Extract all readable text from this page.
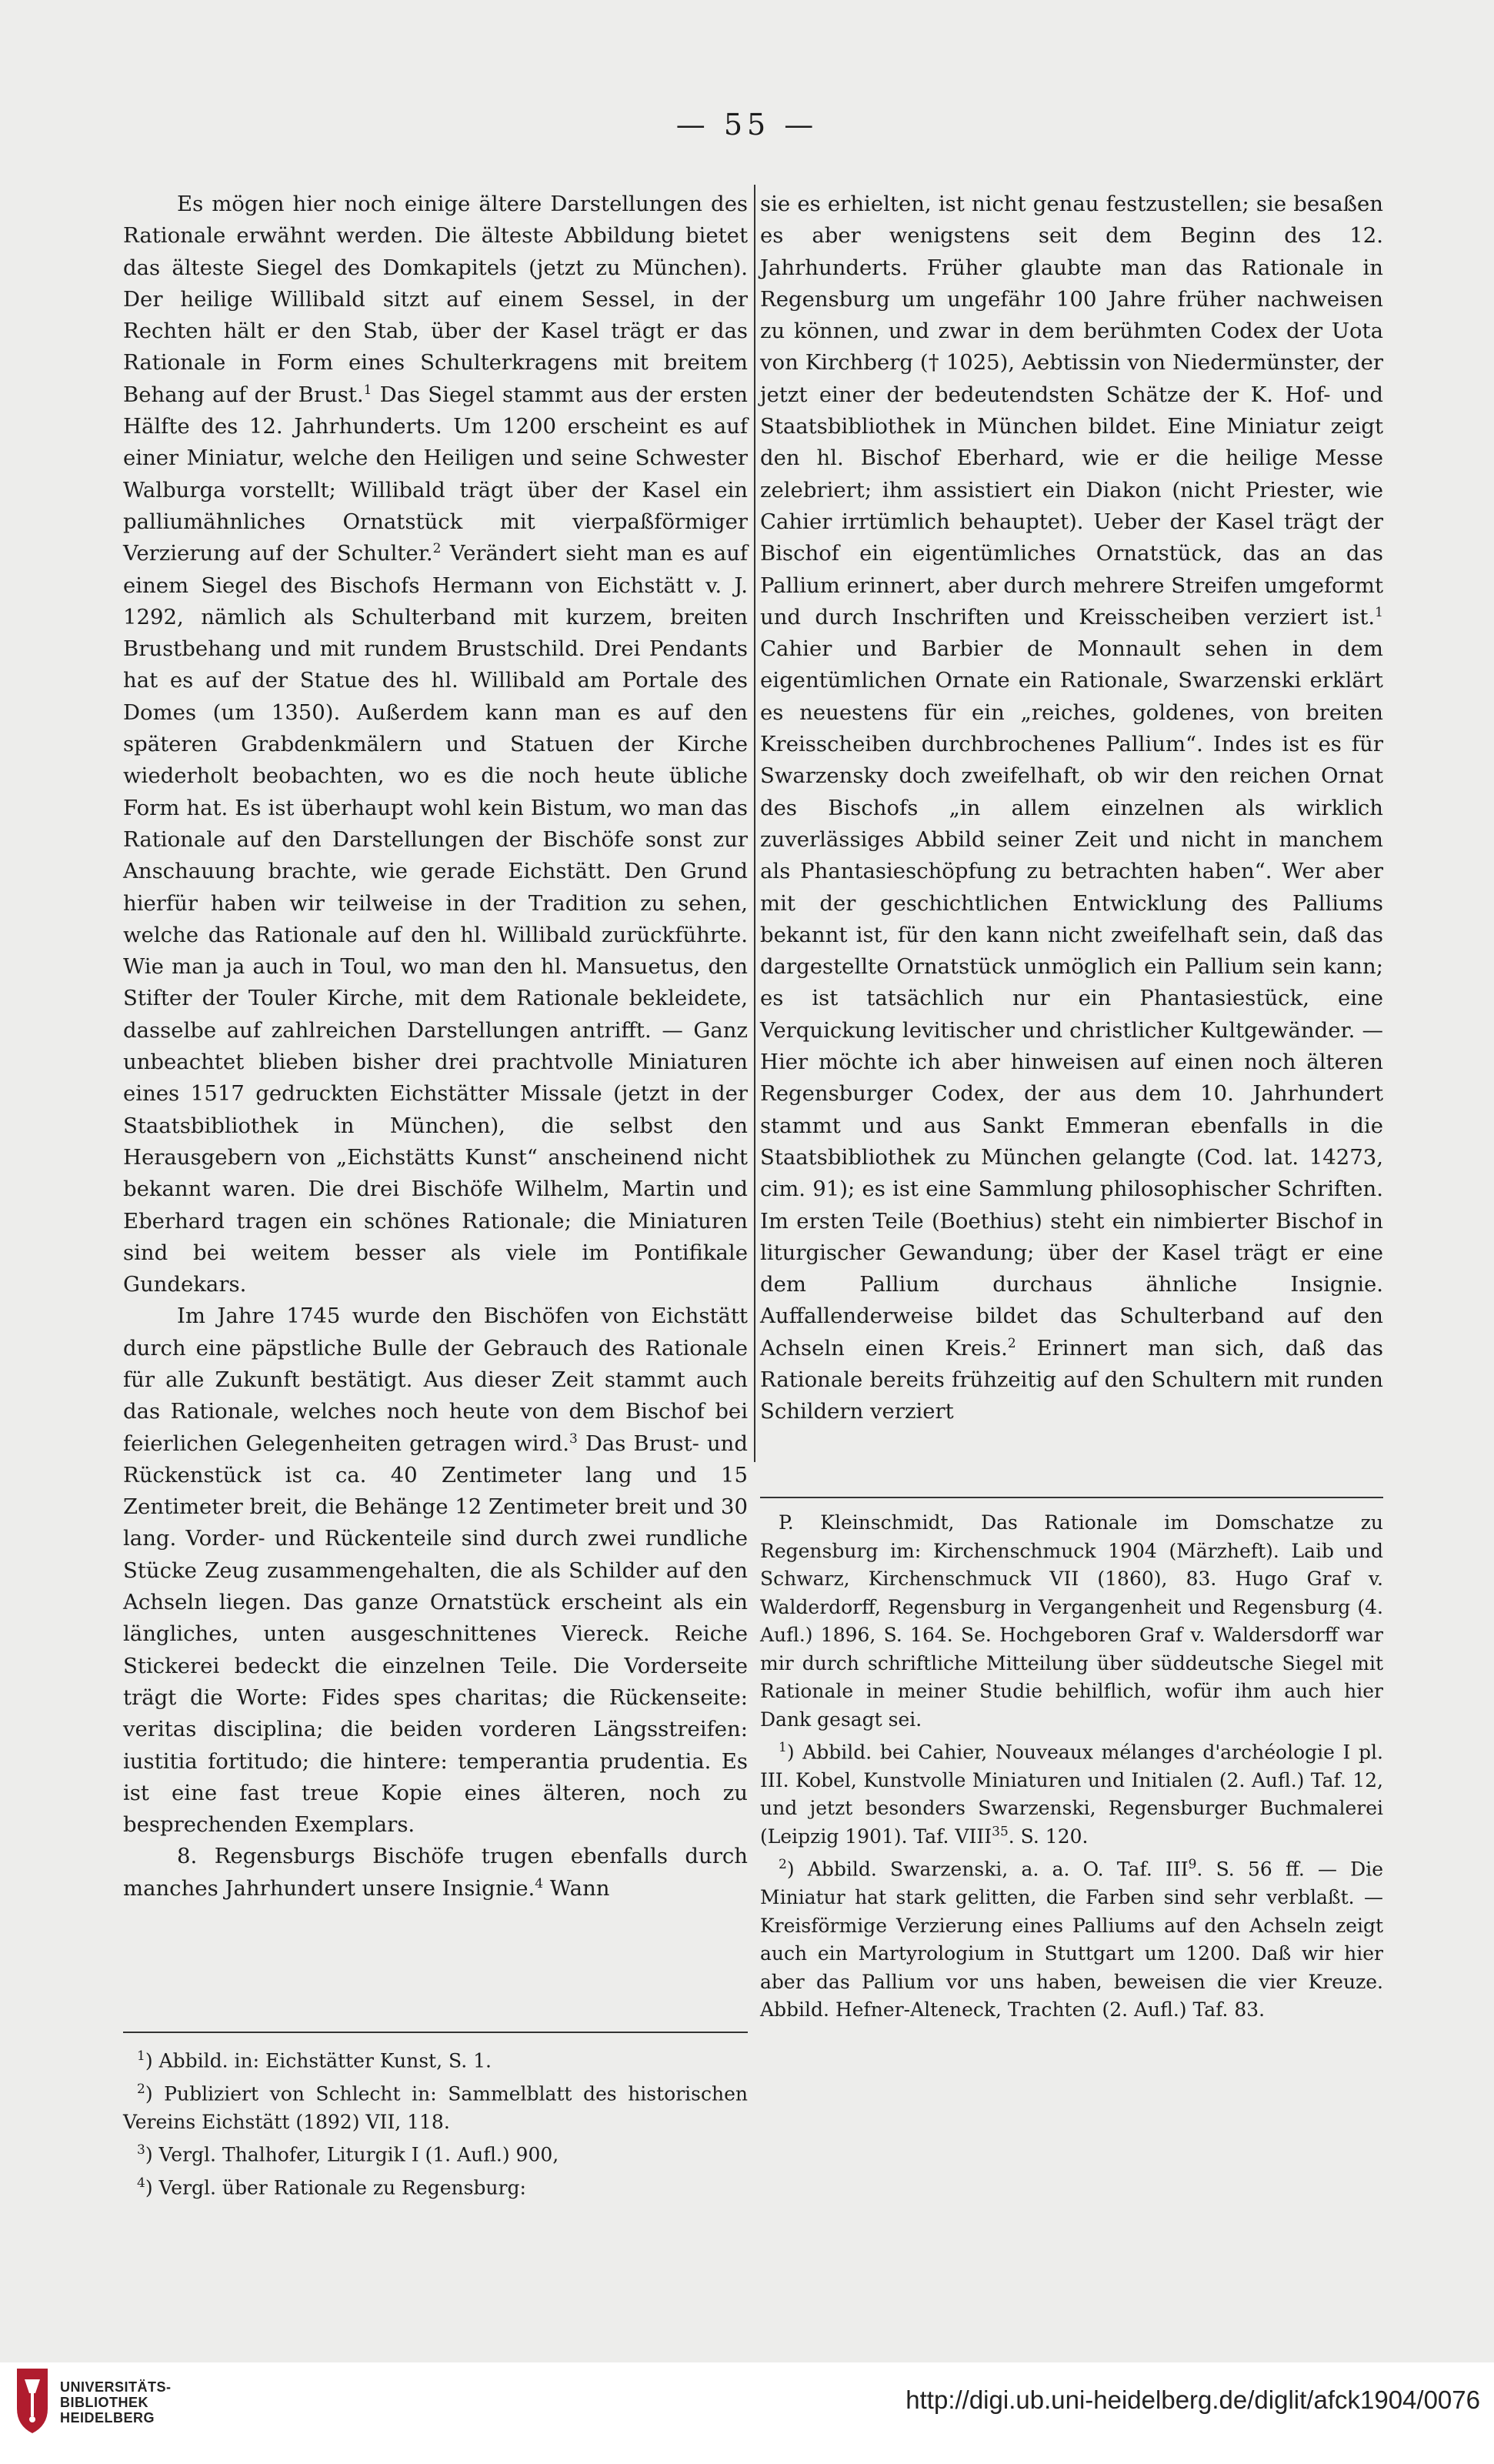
— 55 —

Es mögen hier noch einige ältere Darstellungen des Rationale erwähnt werden. Die älteste Abbildung bietet das älteste Siegel des Domkapitels (jetzt zu München). Der heilige Willibald sitzt auf einem Sessel, in der Rechten hält er den Stab, über der Kasel trägt er das Rationale in Form eines Schulterkragens mit breitem Behang auf der Brust.$^1$ Das Siegel stammt aus der ersten Hälfte des 12. Jahrhunderts. Um 1200 erscheint es auf einer Miniatur, welche den Heiligen und seine Schwester Walburga vorstellt; Willibald trägt über der Kasel ein palliumähnliches Ornatstück mit vierpaßförmiger Verzierung auf der Schulter.$^2$ Verändert sieht man es auf einem Siegel des Bischofs Hermann von Eichstätt v. J. 1292, nämlich als Schulterband mit kurzem, breiten Brustbehang und mit rundem Brustschild. Drei Pendants hat es auf der Statue des hl. Willibald am Portale des Domes (um 1350). Außerdem kann man es auf den späteren Grabdenkmälern und Statuen der Kirche wiederholt beobachten, wo es die noch heute übliche Form hat. Es ist überhaupt wohl kein Bistum, wo man das Rationale auf den Darstellungen der Bischöfe sonst zur Anschauung brachte, wie gerade Eichstätt. Den Grund hierfür haben wir teilweise in der Tradition zu sehen, welche das Rationale auf den hl. Willibald zurückführte. Wie man ja auch in Toul, wo man den hl. Mansuetus, den Stifter der Touler Kirche, mit dem Rationale bekleidete, dasselbe auf zahlreichen Darstellungen antrifft. — Ganz unbeachtet blieben bisher drei prachtvolle Miniaturen eines 1517 gedruckten Eichstätter Missale (jetzt in der Staatsbibliothek in München), die selbst den Herausgebern von „Eichstätts Kunst“ anscheinend nicht bekannt waren. Die drei Bischöfe Wilhelm, Martin und Eberhard tragen ein schönes Rationale; die Miniaturen sind bei weitem besser als viele im Pontifikale Gundekars.

Im Jahre 1745 wurde den Bischöfen von Eichstätt durch eine päpstliche Bulle der Gebrauch des Rationale für alle Zukunft bestätigt. Aus dieser Zeit stammt auch das Rationale, welches noch heute von dem Bischof bei feierlichen Gelegenheiten getragen wird.$^3$ Das Brust- und Rückenstück ist ca. 40 Zentimeter lang und 15 Zentimeter breit, die Behänge 12 Zentimeter breit und 30 lang. Vorder- und Rückenteile sind durch zwei rundliche Stücke Zeug zusammengehalten, die als Schilder auf den Achseln liegen. Das ganze Ornatstück erscheint als ein längliches, unten ausgeschnittenes Viereck. Reiche Stickerei bedeckt die einzelnen Teile. Die Vorderseite trägt die Worte: Fides spes charitas; die Rückenseite: veritas disciplina; die beiden vorderen Längsstreifen: iustitia fortitudo; die hintere: temperantia prudentia. Es ist eine fast treue Kopie eines älteren, noch zu besprechenden Exemplars.

8. Regensburgs Bischöfe trugen ebenfalls durch manches Jahrhundert unsere Insignie.$^4$ Wann

sie es erhielten, ist nicht genau festzustellen; sie besaßen es aber wenigstens seit dem Beginn des 12. Jahrhunderts. Früher glaubte man das Rationale in Regensburg um ungefähr 100 Jahre früher nachweisen zu können, und zwar in dem berühmten Codex der Uota von Kirchberg († 1025), Aebtissin von Niedermünster, der jetzt einer der bedeutendsten Schätze der K. Hof- und Staatsbibliothek in München bildet. Eine Miniatur zeigt den hl. Bischof Eberhard, wie er die heilige Messe zelebriert; ihm assistiert ein Diakon (nicht Priester, wie Cahier irrtümlich behauptet). Ueber der Kasel trägt der Bischof ein eigentümliches Ornatstück, das an das Pallium erinnert, aber durch mehrere Streifen umgeformt und durch Inschriften und Kreisscheiben verziert ist.$^1$ Cahier und Barbier de Monnault sehen in dem eigentümlichen Ornate ein Rationale, Swarzenski erklärt es neuestens für ein „reiches, goldenes, von breiten Kreisscheiben durchbrochenes Pallium“. Indes ist es für Swarzensky doch zweifelhaft, ob wir den reichen Ornat des Bischofs „in allem einzelnen als wirklich zuverlässiges Abbild seiner Zeit und nicht in manchem als Phantasieschöpfung zu betrachten haben“. Wer aber mit der geschichtlichen Entwicklung des Palliums bekannt ist, für den kann nicht zweifelhaft sein, daß das dargestellte Ornatstück unmöglich ein Pallium sein kann; es ist tatsächlich nur ein Phantasiestück, eine Verquickung levitischer und christlicher Kultgewänder. — Hier möchte ich aber hinweisen auf einen noch älteren Regensburger Codex, der aus dem 10. Jahrhundert stammt und aus Sankt Emmeran ebenfalls in die Staatsbibliothek zu München gelangte (Cod. lat. 14273, cim. 91); es ist eine Sammlung philosophischer Schriften. Im ersten Teile (Boethius) steht ein nimbierter Bischof in liturgischer Gewandung; über der Kasel trägt er eine dem Pallium durchaus ähnliche Insignie. Auffallenderweise bildet das Schulterband auf den Achseln einen Kreis.$^2$ Erinnert man sich, daß das Rationale bereits frühzeitig auf den Schultern mit runden Schildern verziert

$^1$) Abbild. in: Eichstätter Kunst, S. 1.

$^2$) Publiziert von Schlecht in: Sammelblatt des historischen Vereins Eichstätt (1892) VII, 118.

$^3$) Vergl. Thalhofer, Liturgik I (1. Aufl.) 900,

$^4$) Vergl. über Rationale zu Regensburg:

P. Kleinschmidt, Das Rationale im Domschatze zu Regensburg im: Kirchenschmuck 1904 (Märzheft). Laib und Schwarz, Kirchenschmuck VII (1860), 83. Hugo Graf v. Walderdorff, Regensburg in Vergangenheit und Regensburg (4. Aufl.) 1896, S. 164. Se. Hochgeboren Graf v. Waldersdorff war mir durch schriftliche Mitteilung über süddeutsche Siegel mit Rationale in meiner Studie behilflich, wofür ihm auch hier Dank gesagt sei.

$^1$) Abbild. bei Cahier, Nouveaux mélanges d'archéologie I pl. III. Kobel, Kunstvolle Miniaturen und Initialen (2. Aufl.) Taf. 12, und jetzt besonders Swarzenski, Regensburger Buchmalerei (Leipzig 1901). Taf. VIII$^{35}$. S. 120.

$^2$) Abbild. Swarzenski, a. a. O. Taf. III$^9$. S. 56 ff. — Die Miniatur hat stark gelitten, die Farben sind sehr verblaßt. — Kreisförmige Verzierung eines Palliums auf den Achseln zeigt auch ein Martyrologium in Stuttgart um 1200. Daß wir hier aber das Pallium vor uns haben, beweisen die vier Kreuze. Abbild. Hefner-Alteneck, Trachten (2. Aufl.) Taf. 83.

UNIVERSITÄTS-
BIBLIOTHEK
HEIDELBERG
http://digi.ub.uni-heidelberg.de/diglit/afck1904/0076
